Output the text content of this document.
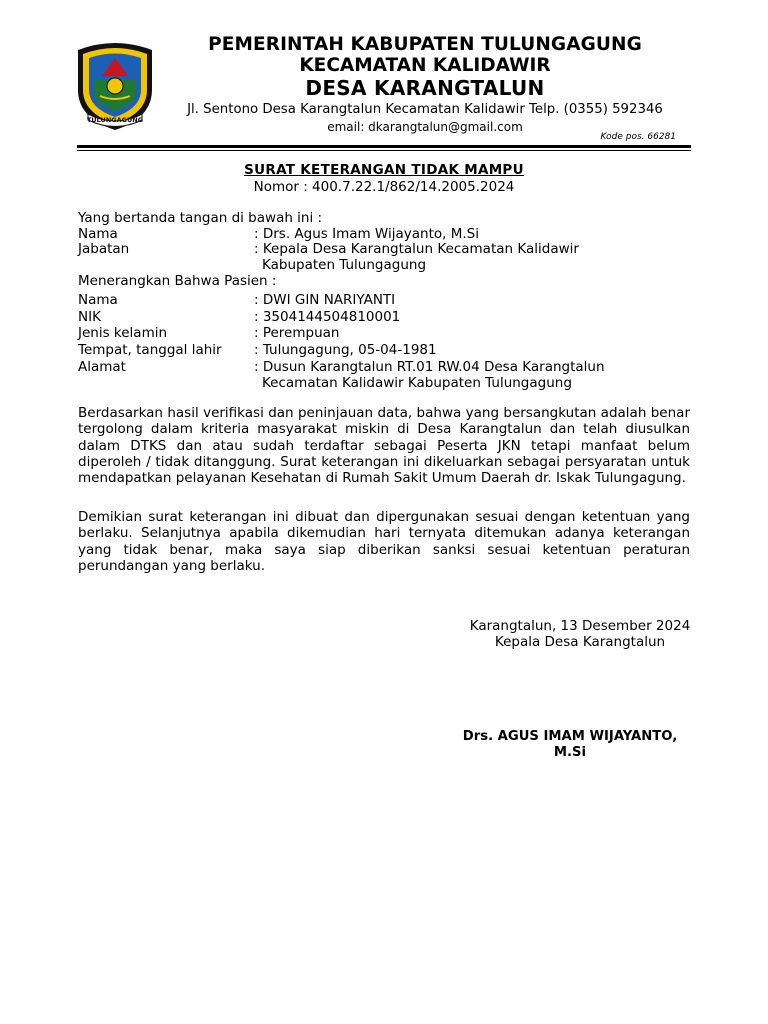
TULUNGAGUNG
PEMERINTAH KABUPATEN TULUNGAGUNG
KECAMATAN KALIDAWIR
DESA KARANGTALUN
Jl. Sentono Desa Karangtalun Kecamatan Kalidawir Telp. (0355) 592346
email: dkarangtalun@gmail.com
Kode pos. 66281
SURAT KETERANGAN TIDAK MAMPU
Nomor : 400.7.22.1/862/14.2005.2024
Yang bertanda tangan di bawah ini :
Nama	: Drs. Agus Imam Wijayanto, M.Si
Jabatan	: Kepala Desa Karangtalun Kecamatan Kalidawir
Kabupaten Tulungagung
Menerangkan Bahwa Pasien :
Nama	: DWI GIN NARIYANTI
NIK	: 3504144504810001
Jenis kelamin	: Perempuan
Tempat, tanggal lahir : Tulungagung, 05-04-1981
Alamat	: Dusun Karangtalun RT.01 RW.04 Desa Karangtalun
Kecamatan Kalidawir Kabupaten Tulungagung
Berdasarkan hasil verifikasi dan peninjauan data, bahwa yang bersangkutan adalah benar tergolong dalam kriteria masyarakat miskin di Desa Karangtalun dan telah diusulkan dalam DTKS dan atau sudah terdaftar sebagai Peserta JKN tetapi manfaat belum diperoleh / tidak ditanggung. Surat keterangan ini dikeluarkan sebagai persyaratan untuk mendapatkan pelayanan Kesehatan di Rumah Sakit Umum Daerah dr. Iskak Tulungagung.
Demikian surat keterangan ini dibuat dan dipergunakan sesuai dengan ketentuan yang berlaku. Selanjutnya apabila dikemudian hari ternyata ditemukan adanya keterangan yang tidak benar, maka saya siap diberikan sanksi sesuai ketentuan peraturan perundangan yang berlaku.
Karangtalun, 13 Desember 2024
Kepala Desa Karangtalun
Drs. AGUS IMAM WIJAYANTO,
M.Si
